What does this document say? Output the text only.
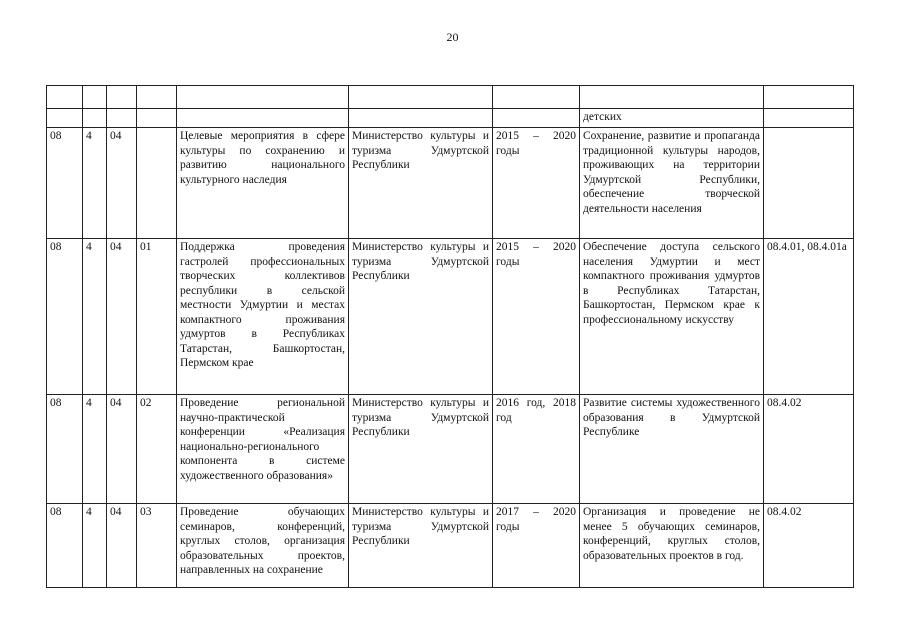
20

							детских	
08	4	04		Целевые мероприятия в сфере культуры по сохранению и развитию национального культурного наследия	Министерство культуры и туризма Удмуртской Республики	2015 – 2020 годы	Сохранение, развитие и пропаганда традиционной культуры народов, проживающих на территории Удмуртской Республики, обеспечение творческой деятельности населения	
08	4	04	01	Поддержка проведения гастролей профессиональных творческих коллективов республики в сельской местности Удмуртии и местах компактного проживания удмуртов в Республиках Татарстан, Башкортостан, Пермском крае	Министерство культуры и туризма Удмуртской Республики	2015 – 2020 годы	Обеспечение доступа сельского населения Удмуртии и мест компактного проживания удмуртов в Республиках Татарстан, Башкортостан, Пермском крае к профессиональному искусству	08.4.01, 08.4.01а
08	4	04	02	Проведение региональной научно-практической конференции «Реализация национально-регионального компонента в системе художественного образования»	Министерство культуры и туризма Удмуртской Республики	2016 год, 2018 год	Развитие системы художественного образования в Удмуртской Республике	08.4.02
08	4	04	03	Проведение обучающих семинаров, конференций, круглых столов, организация образовательных проектов, направленных на сохранение	Министерство культуры и туризма Удмуртской Республики	2017 – 2020 годы	Организация и проведение не менее 5 обучающих семинаров, конференций, круглых столов, образовательных проектов в год.	08.4.02
